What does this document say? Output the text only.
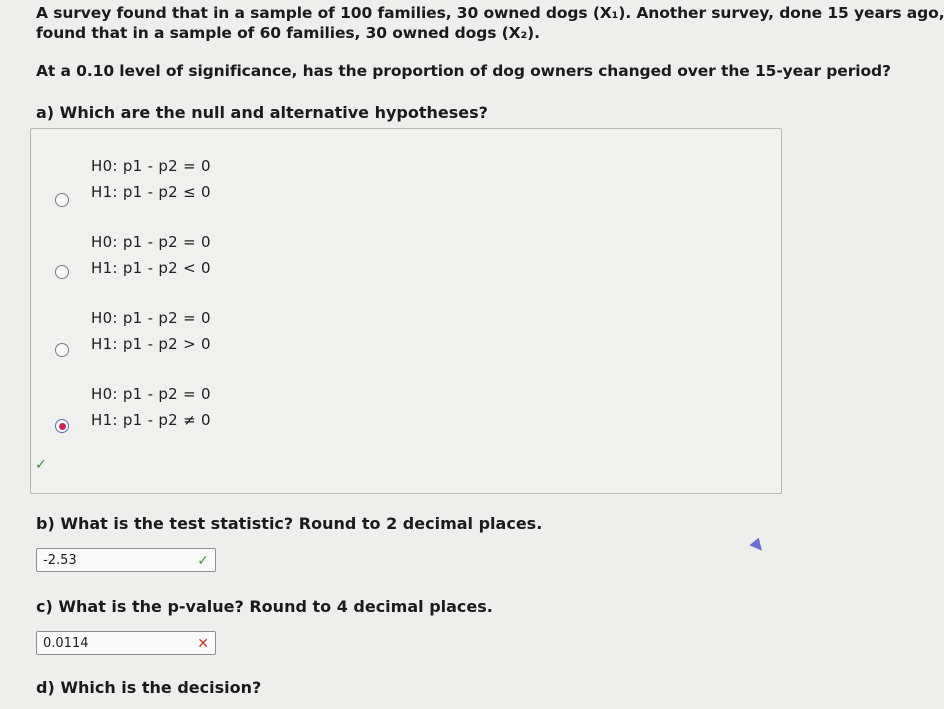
A survey found that in a sample of 100 families, 30 owned dogs (X₁). Another survey, done 15 years ago,
found that in a sample of 60 families, 30 owned dogs (X₂).
At a 0.10 level of significance, has the proportion of dog owners changed over the 15-year period?
a) Which are the null and alternative hypotheses?
H0: p1 - p2 = 0
H1: p1 - p2 ≤ 0
H0: p1 - p2 = 0
H1: p1 - p2 < 0
H0: p1 - p2 = 0
H1: p1 - p2 > 0
H0: p1 - p2 = 0
H1: p1 - p2 ≠ 0
✓
b) What is the test statistic? Round to 2 decimal places.
-2.53	✓
c) What is the p-value? Round to 4 decimal places.
0.0114	✕
d) Which is the decision?
